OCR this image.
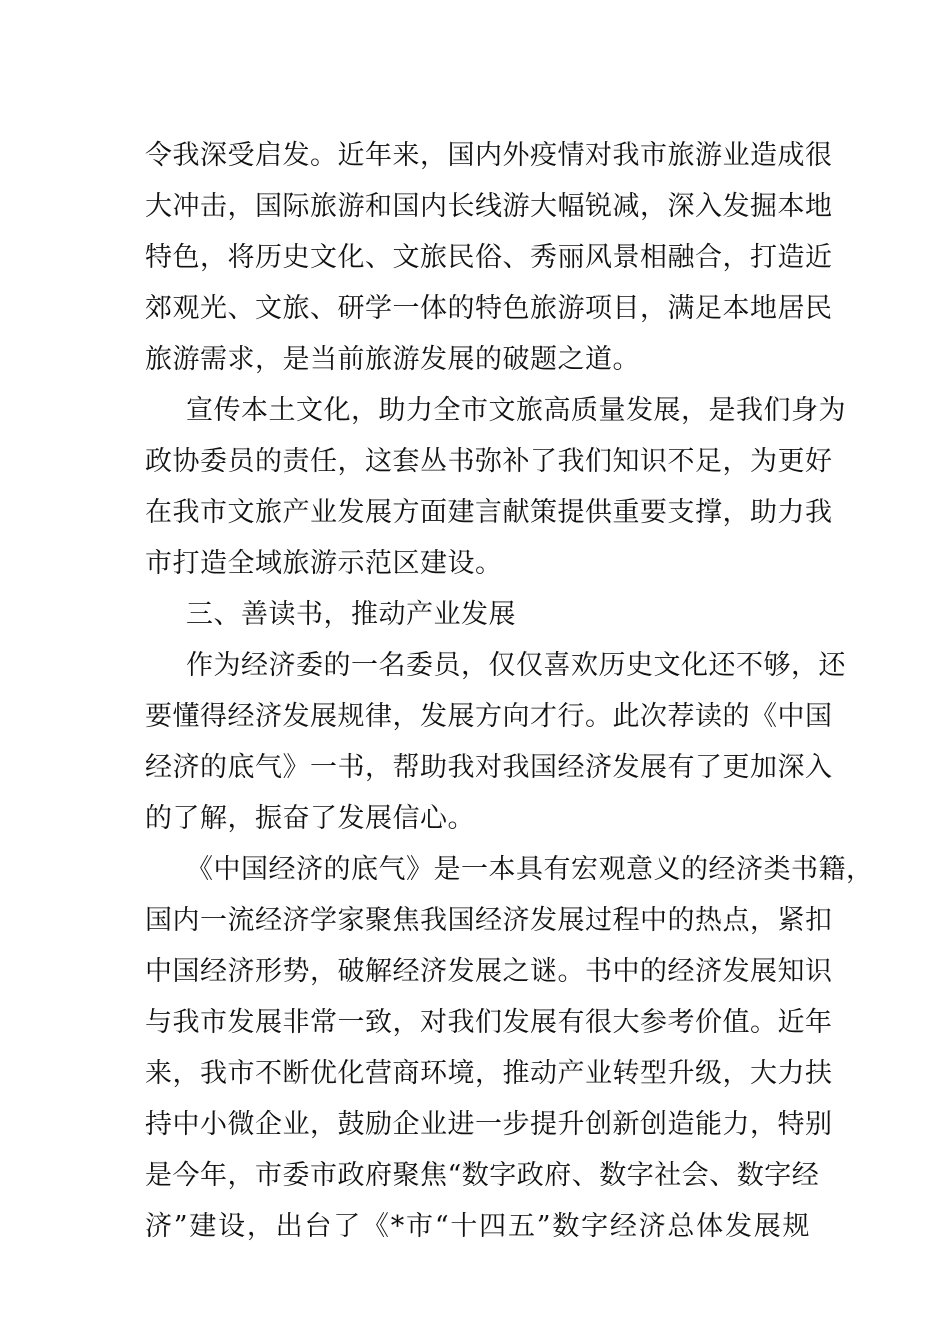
令我深受启发。近年来，国内外疫情对我市旅游业造成很
大冲击，国际旅游和国内长线游大幅锐减，深入发掘本地
特色，将历史文化、文旅民俗、秀丽风景相融合，打造近
郊观光、文旅、研学一体的特色旅游项目，满足本地居民
旅游需求，是当前旅游发展的破题之道。
宣传本土文化，助力全市文旅高质量发展，是我们身为
政协委员的责任，这套丛书弥补了我们知识不足，为更好
在我市文旅产业发展方面建言献策提供重要支撑，助力我
市打造全域旅游示范区建设。
三、善读书，推动产业发展
作为经济委的一名委员，仅仅喜欢历史文化还不够，还
要懂得经济发展规律，发展方向才行。此次荐读的《中国
经济的底气》一书，帮助我对我国经济发展有了更加深入
的了解，振奋了发展信心。
《中国经济的底气》是一本具有宏观意义的经济类书籍，
国内一流经济学家聚焦我国经济发展过程中的热点，紧扣
中国经济形势，破解经济发展之谜。书中的经济发展知识
与我市发展非常一致，对我们发展有很大参考价值。近年
来，我市不断优化营商环境，推动产业转型升级，大力扶
持中小微企业，鼓励企业进一步提升创新创造能力，特别
是今年，市委市政府聚焦“数字政府、数字社会、数字经
济”建设，出台了《*市“十四五”数字经济总体发展规
